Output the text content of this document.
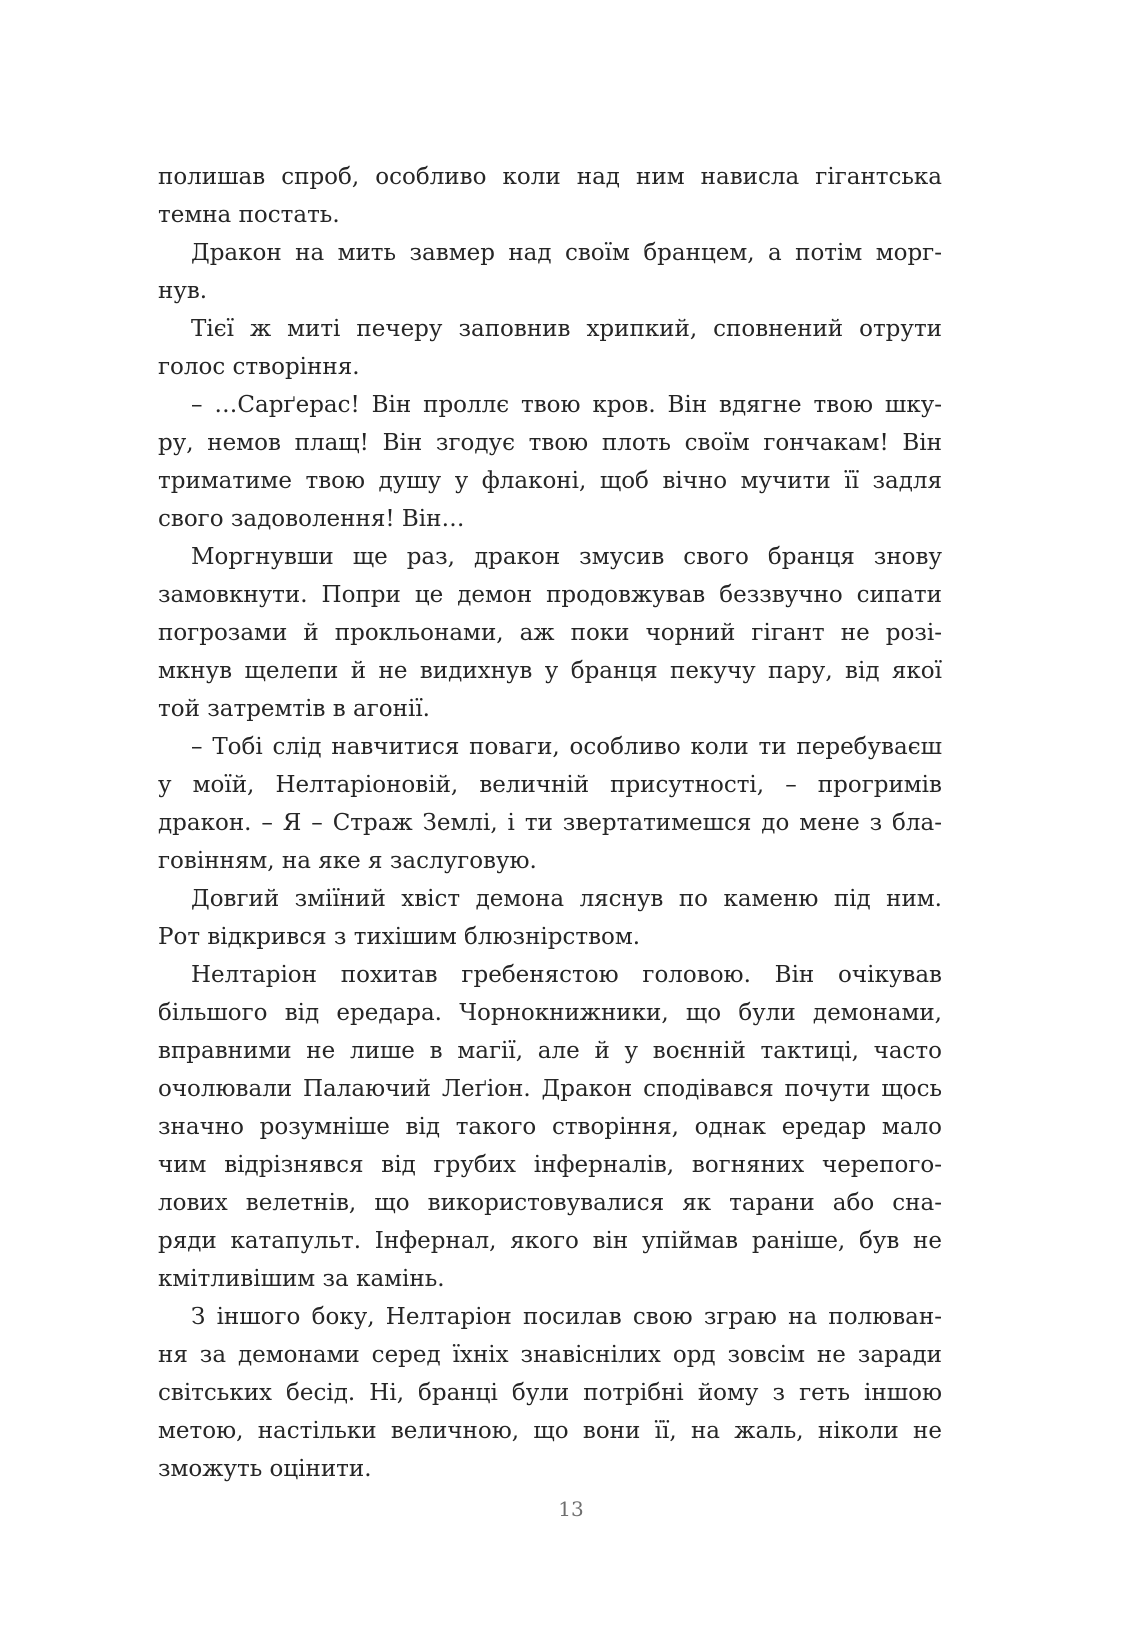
полишав спроб, особливо коли над ним нависла гігантська
темна постать.
Дракон на мить завмер над своїм бранцем, а потім морг-
нув.
Тієї ж миті печеру заповнив хрипкий, сповнений отрути
голос створіння.
– …Сарґерас! Він проллє твою кров. Він вдягне твою шку-
ру, немов плащ! Він згодує твою плоть своїм гончакам! Він
триматиме твою душу у флаконі, щоб вічно мучити її задля
свого задоволення! Він…
Моргнувши ще раз, дракон змусив свого бранця знову
замовкнути. Попри це демон продовжував беззвучно сипати
погрозами й прокльонами, аж поки чорний гігант не розі-
мкнув щелепи й не видихнув у бранця пекучу пару, від якої
той затремтів в агонії.
– Тобі слід навчитися поваги, особливо коли ти перебуваєш
у моїй, Нелтаріоновій, величній присутності, – прогримів
дракон. – Я – Страж Землі, і ти звертатимешся до мене з бла-
говінням, на яке я заслуговую.
Довгий зміїний хвіст демона ляснув по каменю під ним.
Рот відкрився з тихішим блюзнірством.
Нелтаріон похитав гребенястою головою. Він очікував
більшого від ередара. Чорнокнижники, що були демонами,
вправними не лише в магії, але й у воєнній тактиці, часто
очолювали Палаючий Леґіон. Дракон сподівався почути щось
значно розумніше від такого створіння, однак ередар мало
чим відрізнявся від грубих інферналів, вогняних черепого-
лових велетнів, що використовувалися як тарани або сна-
ряди катапульт. Інфернал, якого він упіймав раніше, був не
кмітливішим за камінь.
З іншого боку, Нелтаріон посилав свою зграю на полюван-
ня за демонами серед їхніх знавіснілих орд зовсім не заради
світських бесід. Ні, бранці були потрібні йому з геть іншою
метою, настільки величною, що вони її, на жаль, ніколи не
зможуть оцінити.
13
